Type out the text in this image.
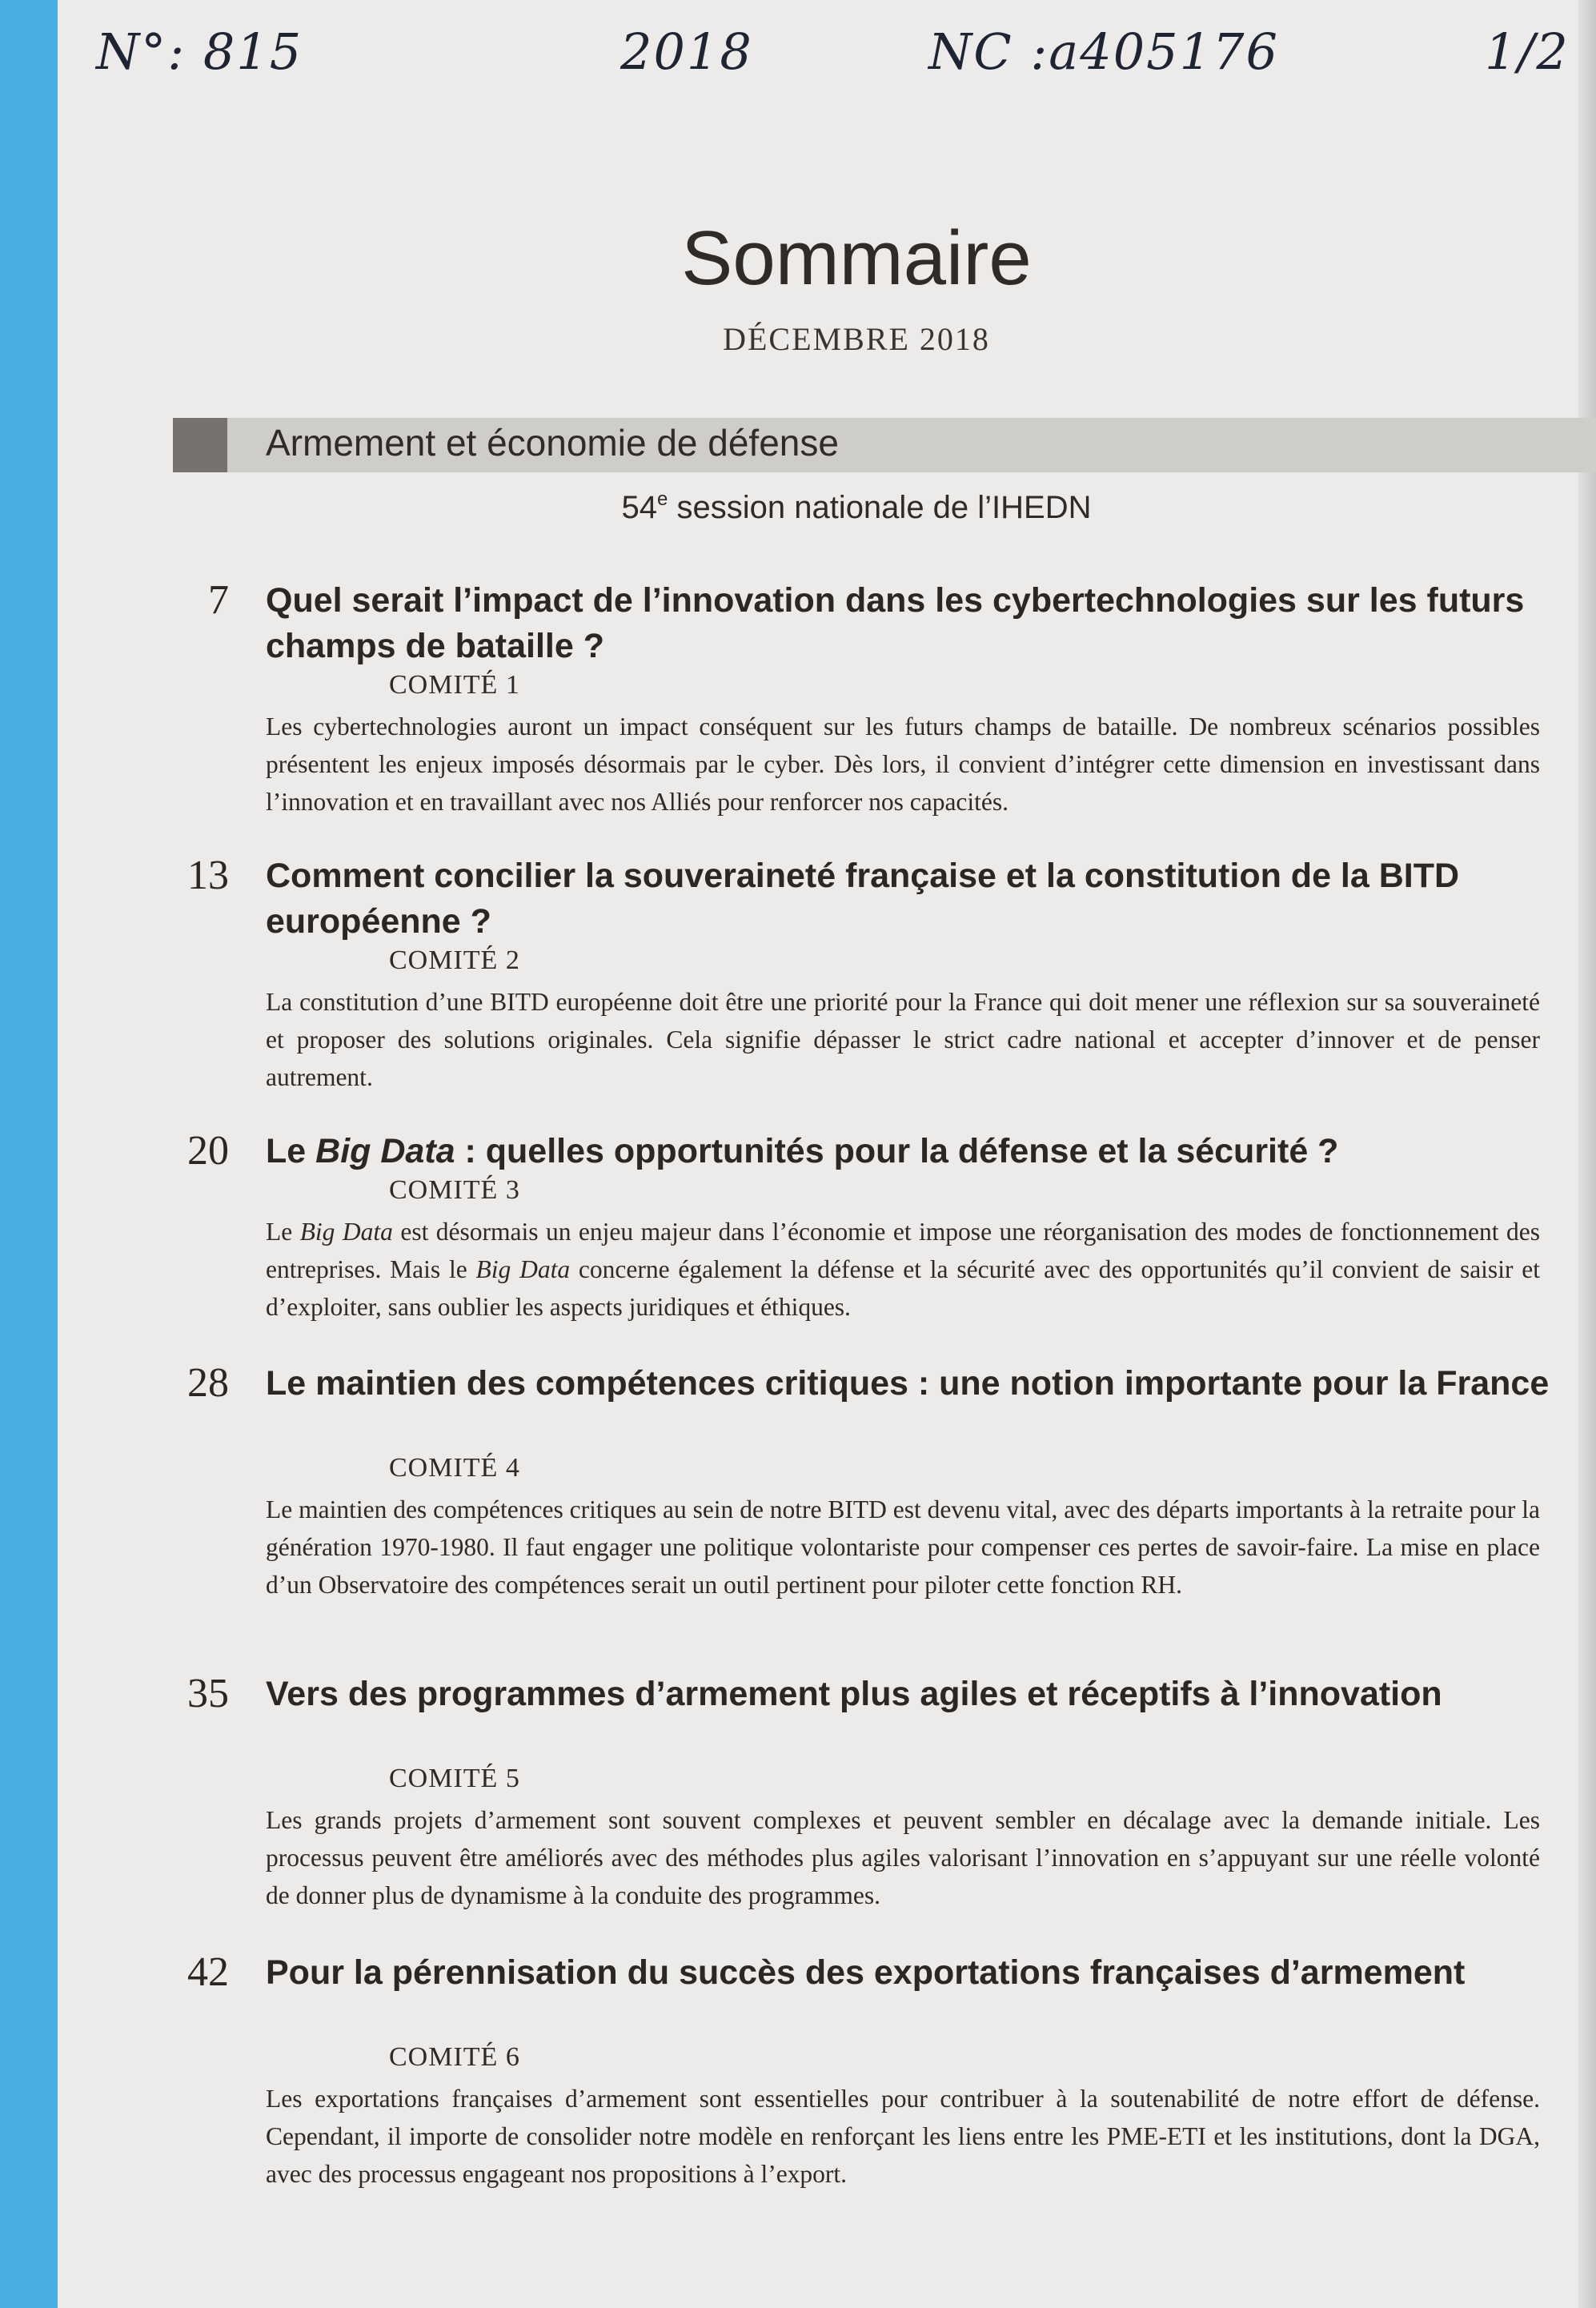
N°: 815	2018	NC :a405176	1/2
Sommaire
DÉCEMBRE 2018
Armement et économie de défense
54e session nationale de l’IHEDN
7 Quel serait l’impact de l’innovation dans les cybertechnologies sur les futurs champs de bataille ?

COMITÉ 1

Les cybertechnologies auront un impact conséquent sur les futurs champs de bataille. De nombreux scénarios possibles présentent les enjeux imposés désormais par le cyber. Dès lors, il convient d’intégrer cette dimension en investissant dans l’innovation et en travaillant avec nos Alliés pour renforcer nos capacités.

13 Comment concilier la souveraineté française et la constitution de la BITD européenne ?

COMITÉ 2

La constitution d’une BITD européenne doit être une priorité pour la France qui doit mener une réflexion sur sa souveraineté et proposer des solutions originales. Cela signifie dépasser le strict cadre national et accepter d’innover et de penser autrement.

20 Le Big Data : quelles opportunités pour la défense et la sécurité ?

COMITÉ 3

Le Big Data est désormais un enjeu majeur dans l’économie et impose une réorganisation des modes de fonctionnement des entreprises. Mais le Big Data concerne également la défense et la sécurité avec des opportunités qu’il convient de saisir et d’exploiter, sans oublier les aspects juridiques et éthiques.

28 Le maintien des compétences critiques : une notion importante pour la France

COMITÉ 4

Le maintien des compétences critiques au sein de notre BITD est devenu vital, avec des départs importants à la retraite pour la génération 1970-1980. Il faut engager une politique volontariste pour compenser ces pertes de savoir-faire. La mise en place d’un Observatoire des compétences serait un outil pertinent pour piloter cette fonction RH.

35 Vers des programmes d’armement plus agiles et réceptifs à l’innovation

COMITÉ 5

Les grands projets d’armement sont souvent complexes et peuvent sembler en décalage avec la demande initiale. Les processus peuvent être améliorés avec des méthodes plus agiles valorisant l’innovation en s’appuyant sur une réelle volonté de donner plus de dynamisme à la conduite des programmes.

42 Pour la pérennisation du succès des exportations françaises d’armement

COMITÉ 6

Les exportations françaises d’armement sont essentielles pour contribuer à la soutenabilité de notre effort de défense. Cependant, il importe de consolider notre modèle en renforçant les liens entre les PME-ETI et les institutions, dont la DGA, avec des processus engageant nos propositions à l’export.
